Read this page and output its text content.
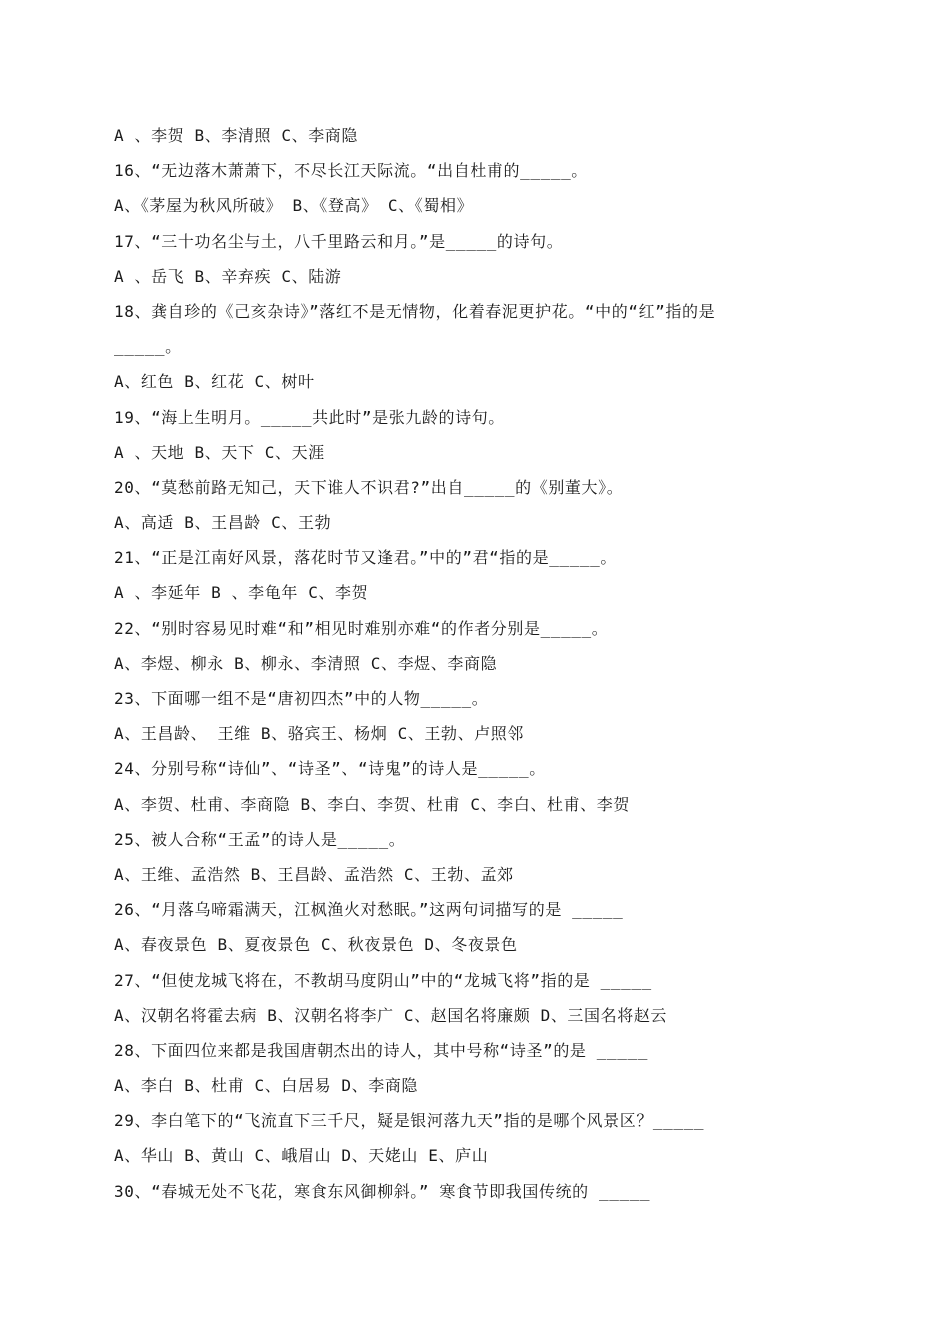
A 、李贺 B、李清照 C、李商隐
16、“无边落木萧萧下，不尽长江天际流。“出自杜甫的_____。
A、《茅屋为秋风所破》 B、《登高》 C、《蜀相》
17、“三十功名尘与土，八千里路云和月。”是_____的诗句。
A 、岳飞 B、辛弃疾 C、陆游
18、龚自珍的《己亥杂诗》”落红不是无情物，化着春泥更护花。“中的“红”指的是
_____。
A、红色 B、红花 C、树叶
19、“海上生明月。_____共此时”是张九龄的诗句。
A 、天地 B、天下 C、天涯
20、“莫愁前路无知己，天下谁人不识君?”出自_____的《别董大》。
A、高适 B、王昌龄 C、王勃
21、“正是江南好风景，落花时节又逢君。”中的”君“指的是_____。
A 、李延年 B 、李龟年 C、李贺
22、“别时容易见时难“和”相见时难别亦难“的作者分别是_____。
A、李煜、柳永 B、柳永、李清照 C、李煜、李商隐
23、下面哪一组不是“唐初四杰”中的人物_____。
A、王昌龄、 王维 B、骆宾王、杨炯 C、王勃、卢照邻
24、分别号称“诗仙”、“诗圣”、“诗鬼”的诗人是_____。
A、李贺、杜甫、李商隐 B、李白、李贺、杜甫 C、李白、杜甫、李贺
25、被人合称“王孟”的诗人是_____。
A、王维、孟浩然 B、王昌龄、孟浩然 C、王勃、孟郊
26、“月落乌啼霜满天，江枫渔火对愁眠。”这两句词描写的是 _____
A、春夜景色 B、夏夜景色 C、秋夜景色 D、冬夜景色
27、“但使龙城飞将在，不教胡马度阴山”中的“龙城飞将”指的是 _____
A、汉朝名将霍去病 B、汉朝名将李广 C、赵国名将廉颇 D、三国名将赵云
28、下面四位来都是我国唐朝杰出的诗人，其中号称“诗圣”的是 _____
A、李白 B、杜甫 C、白居易 D、李商隐
29、李白笔下的“飞流直下三千尺，疑是银河落九天”指的是哪个风景区？_____
A、华山 B、黄山 C、峨眉山 D、天姥山 E、庐山
30、“春城无处不飞花，寒食东风御柳斜。” 寒食节即我国传统的 _____
